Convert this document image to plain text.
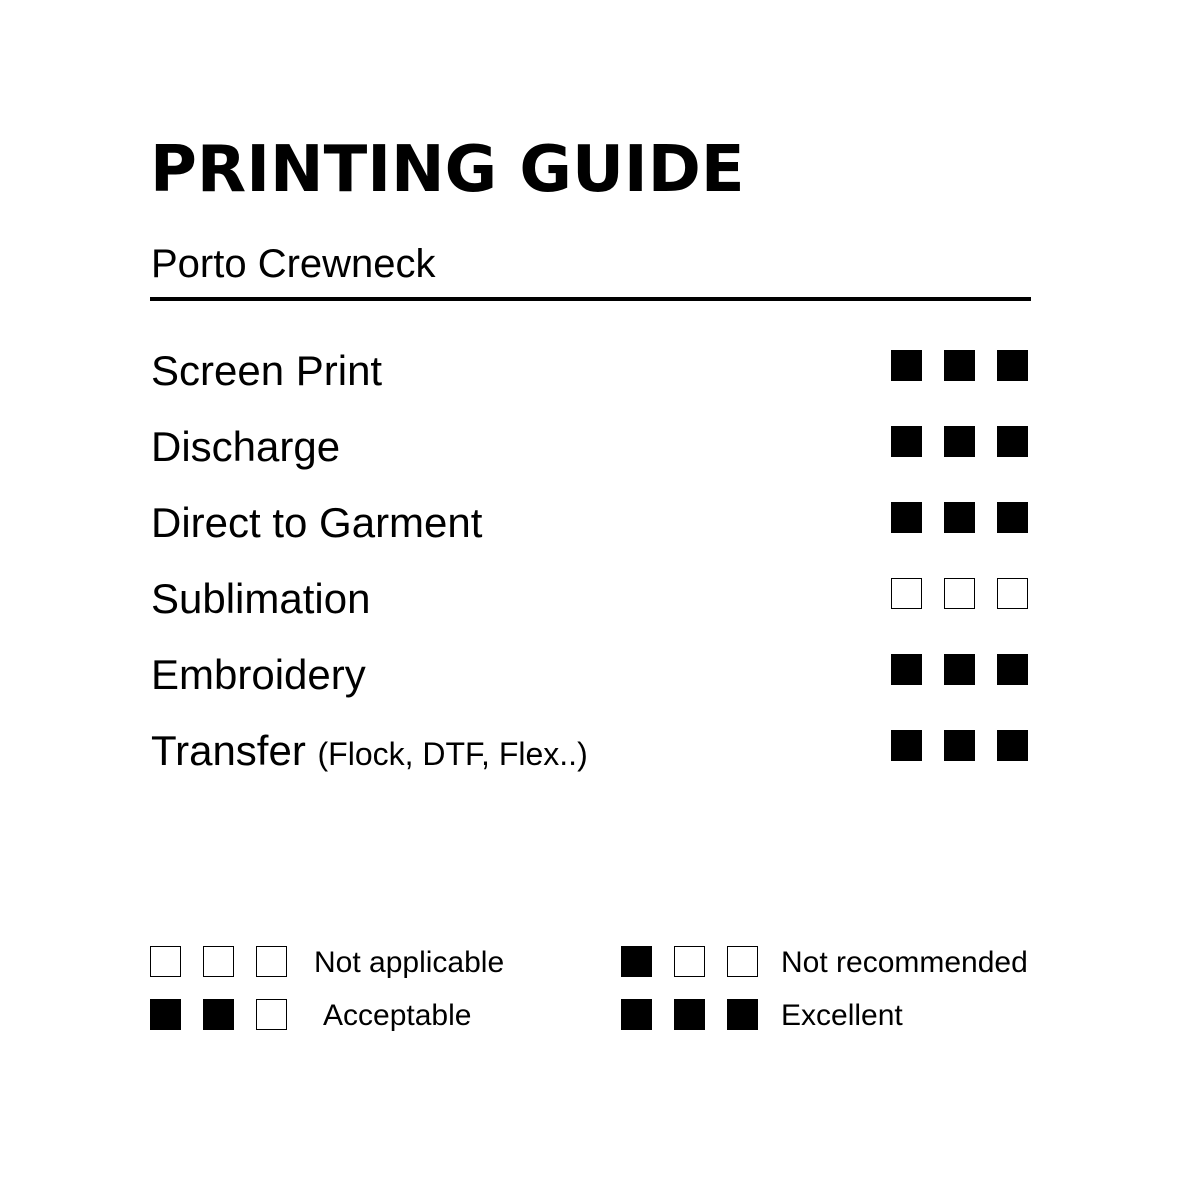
PRINTING GUIDE
Porto Crewneck
Screen Print
Discharge
Direct to Garment
Sublimation
Embroidery
Transfer (Flock, DTF, Flex..)
Not applicable	Not recommended
Acceptable	Excellent
